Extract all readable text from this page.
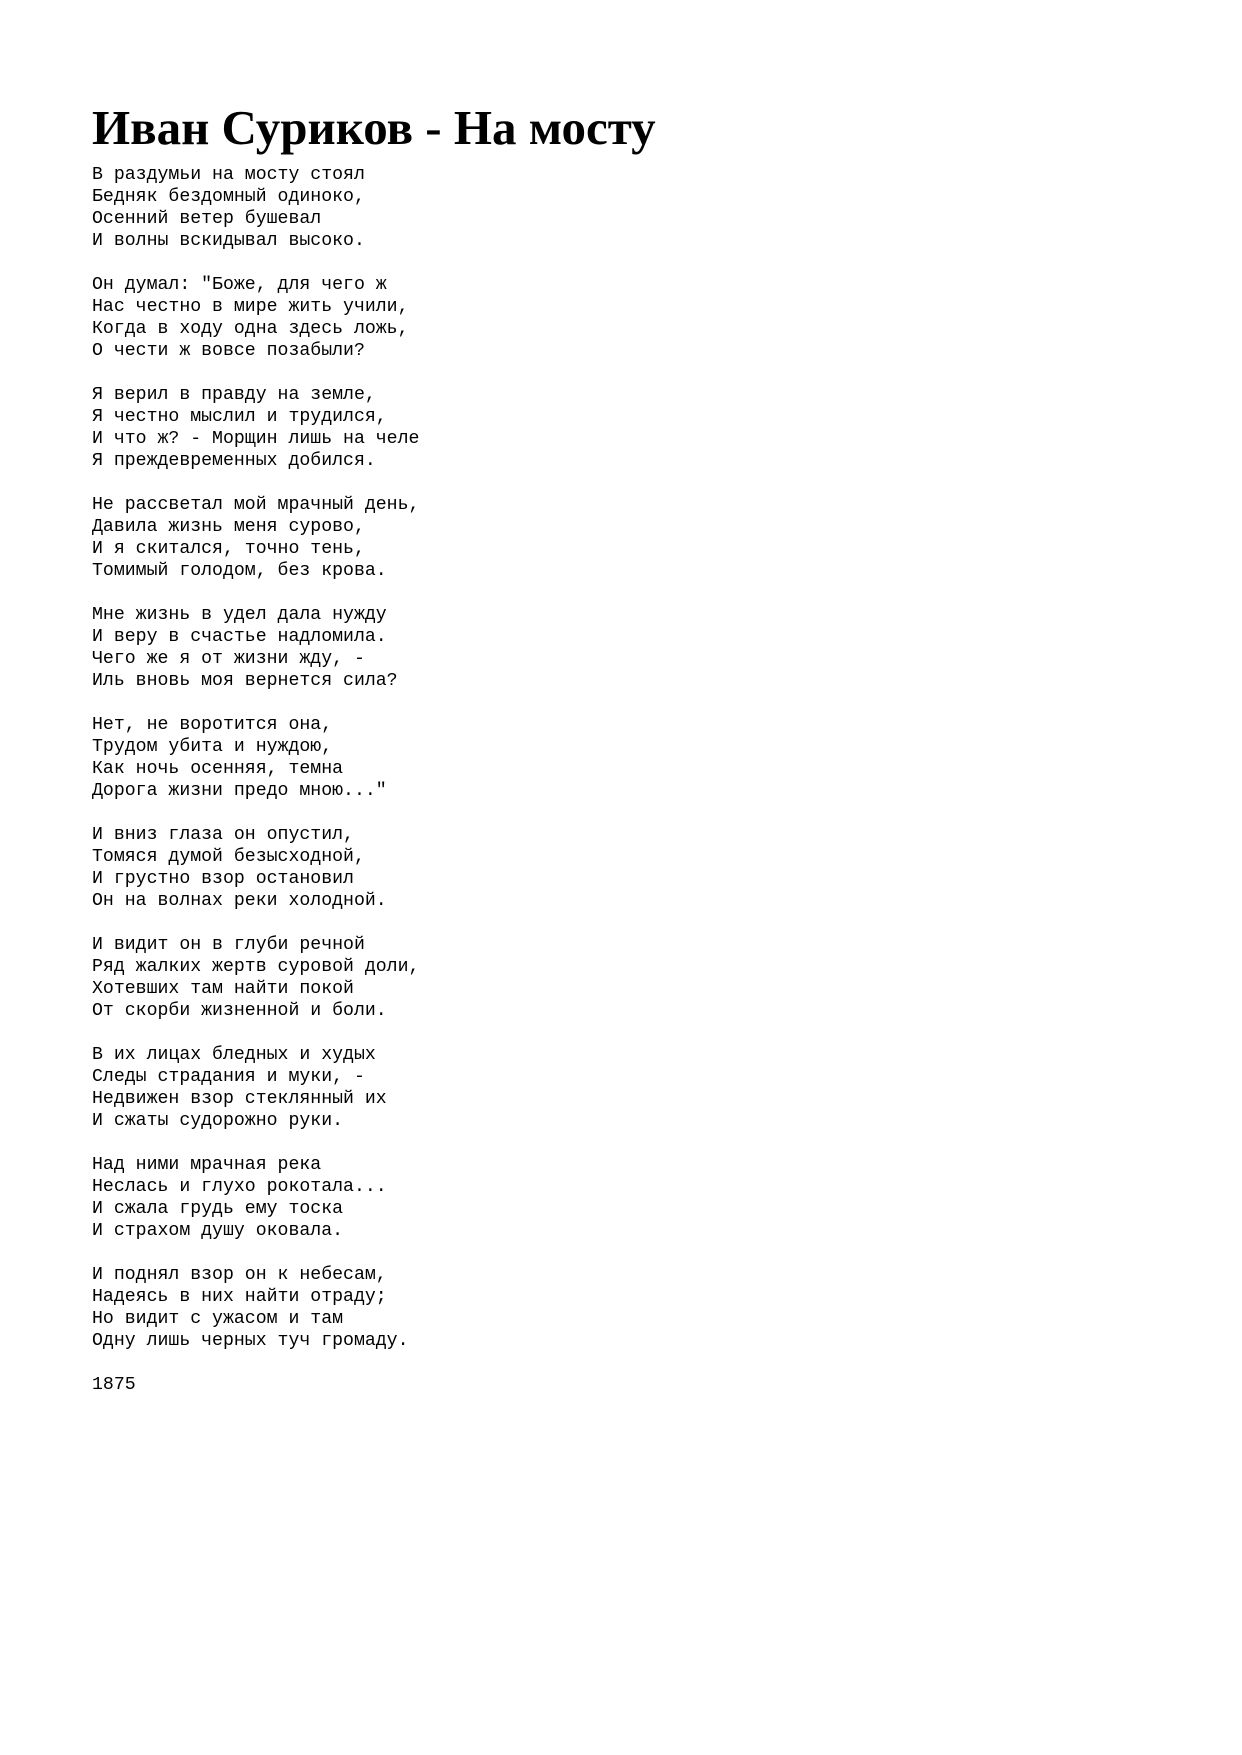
Иван Суриков - На мосту
В раздумьи на мосту стоял
Бедняк бездомный одиноко,
Осенний ветер бушевал
И волны вскидывал высоко.
Он думал: "Боже, для чего ж
Нас честно в мире жить учили,
Когда в ходу одна здесь ложь,
О чести ж вовсе позабыли?
Я верил в правду на земле,
Я честно мыслил и трудился,
И что ж? - Морщин лишь на челе
Я преждевременных добился.
Не рассветал мой мрачный день,
Давила жизнь меня сурово,
И я скитался, точно тень,
Томимый голодом, без крова.
Мне жизнь в удел дала нужду
И веру в счастье надломила.
Чего же я от жизни жду, -
Иль вновь моя вернется сила?
Нет, не воротится она,
Трудом убита и нуждою,
Как ночь осенняя, темна
Дорога жизни предо мною..."
И вниз глаза он опустил,
Томяся думой безысходной,
И грустно взор остановил
Он на волнах реки холодной.
И видит он в глуби речной
Ряд жалких жертв суровой доли,
Хотевших там найти покой
От скорби жизненной и боли.
В их лицах бледных и худых
Следы страдания и муки, -
Недвижен взор стеклянный их
И сжаты судорожно руки.
Над ними мрачная река
Неслась и глухо рокотала...
И сжала грудь ему тоска
И страхом душу оковала.
И поднял взор он к небесам,
Надеясь в них найти отраду;
Но видит с ужасом и там
Одну лишь черных туч громаду.
1875
